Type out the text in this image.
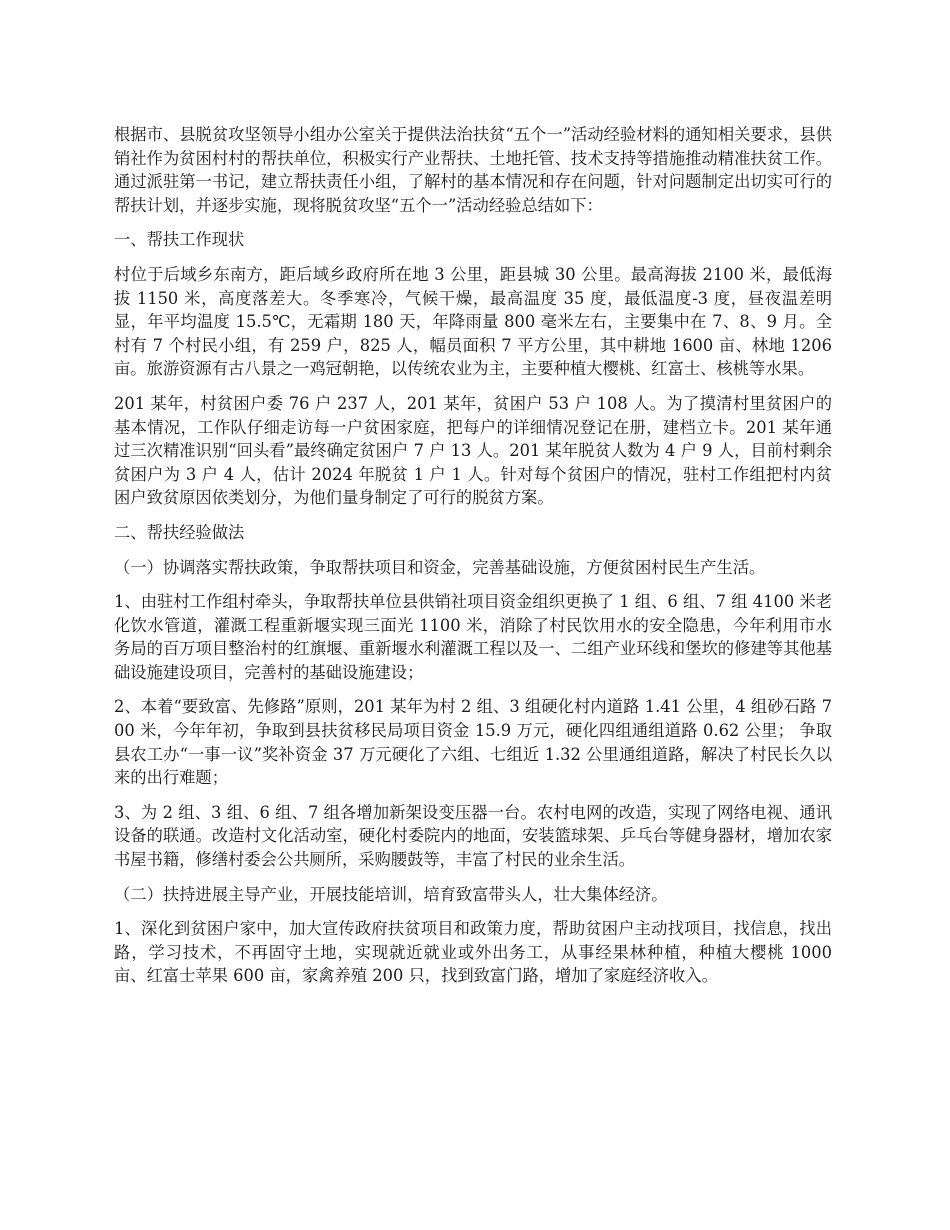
根据市、县脱贫攻坚领导小组办公室关于提供法治扶贫“五个一”活动经验材料的通知相关要求，县供销社作为贫困村村的帮扶单位，积极实行产业帮扶、土地托管、技术支持等措施推动精准扶贫工作。通过派驻第一书记，建立帮扶责任小组，了解村的基本情况和存在问题，针对问题制定出切实可行的帮扶计划，并逐步实施，现将脱贫攻坚“五个一”活动经验总结如下：

一、帮扶工作现状

村位于后域乡东南方，距后域乡政府所在地 3 公里，距县城 30 公里。最高海拔 2100 米，最低海拔 1150 米，高度落差大。冬季寒冷，气候干燥，最高温度 35 度，最低温度-3 度，昼夜温差明显，年平均温度 15.5℃，无霜期 180 天，年降雨量 800 毫米左右，主要集中在 7、8、9 月。全村有 7 个村民小组，有 259 户，825 人，幅员面积 7 平方公里，其中耕地 1600 亩、林地 1206 亩。旅游资源有古八景之一鸡冠朝艳，以传统农业为主，主要种植大樱桃、红富士、核桃等水果。

201 某年，村贫困户委 76 户 237 人，201 某年，贫困户 53 户 108 人。为了摸清村里贫困户的基本情况，工作队仔细走访每一户贫困家庭，把每户的详细情况登记在册，建档立卡。201 某年通过三次精准识别“回头看”最终确定贫困户 7 户 13 人。201 某年脱贫人数为 4 户 9 人，目前村剩余贫困户为 3 户 4 人，估计 2024 年脱贫 1 户 1 人。针对每个贫困户的情况，驻村工作组把村内贫困户致贫原因依类划分，为他们量身制定了可行的脱贫方案。

二、帮扶经验做法

（一）协调落实帮扶政策，争取帮扶项目和资金，完善基础设施，方便贫困村民生产生活。

1、由驻村工作组村牵头，争取帮扶单位县供销社项目资金组织更换了 1 组、6 组、7 组 4100 米老化饮水管道，灌溉工程重新堰实现三面光 1100 米，消除了村民饮用水的安全隐患，今年利用市水务局的百万项目整治村的红旗堰、重新堰水利灌溉工程以及一、二组产业环线和堡坎的修建等其他基础设施建设项目，完善村的基础设施建设；

2、本着“要致富、先修路”原则，201 某年为村 2 组、3 组硬化村内道路 1.41 公里，4 组砂石路 700 米，今年年初，争取到县扶贫移民局项目资金 15.9 万元，硬化四组通组道路 0.62 公里； 争取县农工办“一事一议”奖补资金 37 万元硬化了六组、七组近 1.32 公里通组道路，解决了村民长久以来的出行难题；

3、为 2 组、3 组、6 组、7 组各增加新架设变压器一台。农村电网的改造，实现了网络电视、通讯设备的联通。改造村文化活动室，硬化村委院内的地面，安装篮球架、乒乓台等健身器材，增加农家书屋书籍，修缮村委会公共厕所，采购腰鼓等，丰富了村民的业余生活。

（二）扶持进展主导产业，开展技能培训，培育致富带头人，壮大集体经济。

1、深化到贫困户家中，加大宣传政府扶贫项目和政策力度，帮助贫困户主动找项目，找信息，找出路，学习技术，不再固守土地，实现就近就业或外出务工，从事经果林种植，种植大樱桃 1000 亩、红富士苹果 600 亩，家禽养殖 200 只，找到致富门路，增加了家庭经济收入。
